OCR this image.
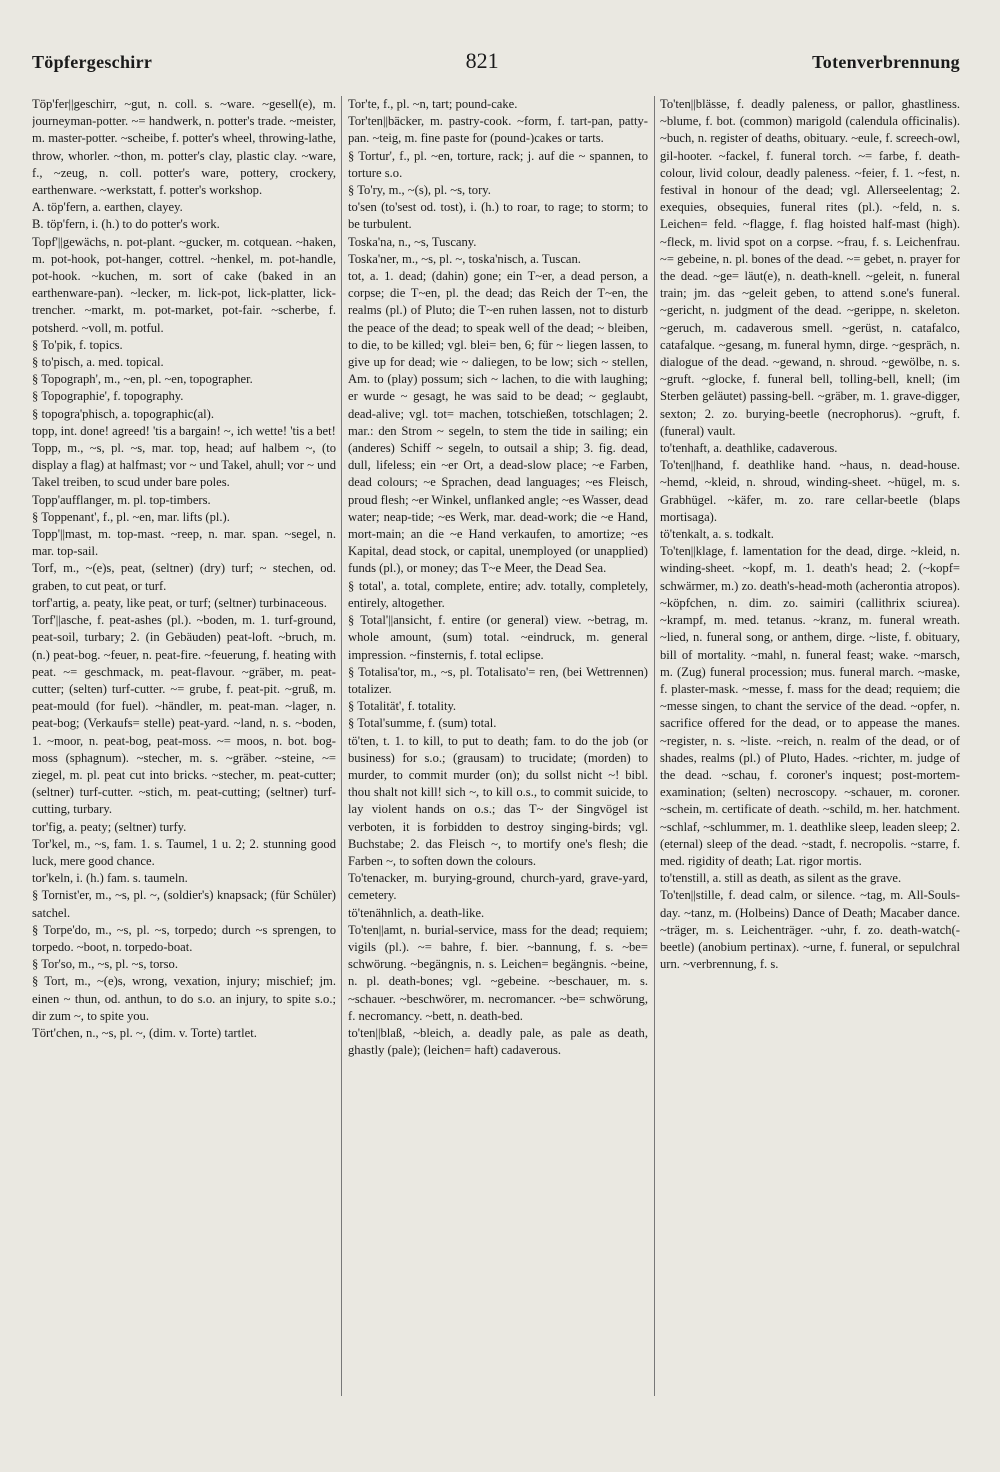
Töpfergeschirr	821	Totenverbrennung

Töp'fer||geschirr, ~gut, n. coll. s. ~ware. ~gesell(e), m. journeyman-potter. ~= handwerk, n. potter's trade. ~meister, m. master-potter. ~scheibe, f. potter's wheel, throwing-lathe, throw, whorler. ~thon, m. potter's clay, plastic clay. ~ware, f., ~zeug, n. coll. potter's ware, pottery, crockery, earthenware. ~werkstatt, f. potter's workshop.

A. töp'fern, a. earthen, clayey.

B. töp'fern, i. (h.) to do potter's work.

Topf'||gewächs, n. pot-plant. ~gucker, m. cotquean. ~haken, m. pot-hook, pot-hanger, cottrel. ~henkel, m. pot-handle, pot-hook. ~kuchen, m. sort of cake (baked in an earthenware-pan). ~lecker, m. lick-pot, lick-platter, lick-trencher. ~markt, m. pot-market, pot-fair. ~scherbe, f. potsherd. ~voll, m. potful.

§ To'pik, f. topics.

§ to'pisch, a. med. topical.

§ Topograph', m., ~en, pl. ~en, topographer.

§ Topographie', f. topography.

§ topogra'phisch, a. topographic(al).

topp, int. done! agreed! 'tis a bargain! ~, ich wette! 'tis a bet!

Topp, m., ~s, pl. ~s, mar. top, head; auf halbem ~, (to display a flag) at halfmast; vor ~ und Takel, ahull; vor ~ und Takel treiben, to scud under bare poles.

Topp'aufflanger, m. pl. top-timbers.

§ Toppenant', f., pl. ~en, mar. lifts (pl.).

Topp'||mast, m. top-mast. ~reep, n. mar. span. ~segel, n. mar. top-sail.

Torf, m., ~(e)s, peat, (seltner) (dry) turf; ~ stechen, od. graben, to cut peat, or turf.

torf'artig, a. peaty, like peat, or turf; (seltner) turbinaceous.

Torf'||asche, f. peat-ashes (pl.). ~boden, m. 1. turf-ground, peat-soil, turbary; 2. (in Gebäuden) peat-loft. ~bruch, m. (n.) peat-bog. ~feuer, n. peat-fire. ~feuerung, f. heating with peat. ~= geschmack, m. peat-flavour. ~gräber, m. peat-cutter; (selten) turf-cutter. ~= grube, f. peat-pit. ~gruß, m. peat-mould (for fuel). ~händler, m. peat-man. ~lager, n. peat-bog; (Verkaufs= stelle) peat-yard. ~land, n. s. ~boden, 1. ~moor, n. peat-bog, peat-moss. ~= moos, n. bot. bog-moss (sphagnum). ~stecher, m. s. ~gräber. ~steine, ~= ziegel, m. pl. peat cut into bricks. ~stecher, m. peat-cutter; (seltner) turf-cutter. ~stich, m. peat-cutting; (seltner) turf-cutting, turbary.

tor'fig, a. peaty; (seltner) turfy.

Tor'kel, m., ~s, fam. 1. s. Taumel, 1 u. 2; 2. stunning good luck, mere good chance.

tor'keln, i. (h.) fam. s. taumeln.

§ Tornist'er, m., ~s, pl. ~, (soldier's) knapsack; (für Schüler) satchel.

§ Torpe'do, m., ~s, pl. ~s, torpedo; durch ~s sprengen, to torpedo. ~boot, n. torpedo-boat.

§ Tor'so, m., ~s, pl. ~s, torso.

§ Tort, m., ~(e)s, wrong, vexation, injury; mischief; jm. einen ~ thun, od. anthun, to do s.o. an injury, to spite s.o.; dir zum ~, to spite you.

Tört'chen, n., ~s, pl. ~, (dim. v. Torte) tartlet.

Tor'te, f., pl. ~n, tart; pound-cake.

Tor'ten||bäcker, m. pastry-cook. ~form, f. tart-pan, patty-pan. ~teig, m. fine paste for (pound-)cakes or tarts.

§ Tortur', f., pl. ~en, torture, rack; j. auf die ~ spannen, to torture s.o.

§ To'ry, m., ~(s), pl. ~s, tory.

to'sen (to'sest od. tost), i. (h.) to roar, to rage; to storm; to be turbulent.

Toska'na, n., ~s, Tuscany.

Toska'ner, m., ~s, pl. ~, toska'nisch, a. Tuscan.

tot, a. 1. dead; (dahin) gone; ein T~er, a dead person, a corpse; die T~en, pl. the dead; das Reich der T~en, the realms (pl.) of Pluto; die T~en ruhen lassen, not to disturb the peace of the dead; to speak well of the dead; ~ bleiben, to die, to be killed; vgl. blei= ben, 6; für ~ liegen lassen, to give up for dead; wie ~ daliegen, to be low; sich ~ stellen, Am. to (play) possum; sich ~ lachen, to die with laughing; er wurde ~ gesagt, he was said to be dead; ~ geglaubt, dead-alive; vgl. tot= machen, totschießen, totschlagen; 2. mar.: den Strom ~ segeln, to stem the tide in sailing; ein (anderes) Schiff ~ segeln, to outsail a ship; 3. fig. dead, dull, lifeless; ein ~er Ort, a dead-slow place; ~e Farben, dead colours; ~e Sprachen, dead languages; ~es Fleisch, proud flesh; ~er Winkel, unflanked angle; ~es Wasser, dead water; neap-tide; ~es Werk, mar. dead-work; die ~e Hand, mort-main; an die ~e Hand verkaufen, to amortize; ~es Kapital, dead stock, or capital, unemployed (or unapplied) funds (pl.), or money; das T~e Meer, the Dead Sea.

§ total', a. total, complete, entire; adv. totally, completely, entirely, altogether.

§ Total'||ansicht, f. entire (or general) view. ~betrag, m. whole amount, (sum) total. ~eindruck, m. general impression. ~finsternis, f. total eclipse.

§ Totalisa'tor, m., ~s, pl. Totalisato'= ren, (bei Wettrennen) totalizer.

§ Totalität', f. totality.

§ Total'summe, f. (sum) total.

tö'ten, t. 1. to kill, to put to death; fam. to do the job (or business) for s.o.; (grausam) to trucidate; (morden) to murder, to commit murder (on); du sollst nicht ~! bibl. thou shalt not kill! sich ~, to kill o.s., to commit suicide, to lay violent hands on o.s.; das T~ der Singvögel ist verboten, it is forbidden to destroy singing-birds; vgl. Buchstabe; 2. das Fleisch ~, to mortify one's flesh; die Farben ~, to soften down the colours.

To'tenacker, m. burying-ground, church-yard, grave-yard, cemetery.

tö'tenähnlich, a. death-like.

To'ten||amt, n. burial-service, mass for the dead; requiem; vigils (pl.). ~= bahre, f. bier. ~bannung, f. s. ~be= schwörung. ~begängnis, n. s. Leichen= begängnis. ~beine, n. pl. death-bones; vgl. ~gebeine. ~beschauer, m. s. ~schauer. ~beschwörer, m. necromancer. ~be= schwörung, f. necromancy. ~bett, n. death-bed.

to'ten||blaß, ~bleich, a. deadly pale, as pale as death, ghastly (pale); (leichen= haft) cadaverous.

To'ten||blässe, f. deadly paleness, or pallor, ghastliness. ~blume, f. bot. (common) marigold (calendula officinalis). ~buch, n. register of deaths, obituary. ~eule, f. screech-owl, gil-hooter. ~fackel, f. funeral torch. ~= farbe, f. death-colour, livid colour, deadly paleness. ~feier, f. 1. ~fest, n. festival in honour of the dead; vgl. Allerseelentag; 2. exequies, obsequies, funeral rites (pl.). ~feld, n. s. Leichen= feld. ~flagge, f. flag hoisted half-mast (high). ~fleck, m. livid spot on a corpse. ~frau, f. s. Leichenfrau. ~= gebeine, n. pl. bones of the dead. ~= gebet, n. prayer for the dead. ~ge= läut(e), n. death-knell. ~geleit, n. funeral train; jm. das ~geleit geben, to attend s.one's funeral. ~gericht, n. judgment of the dead. ~gerippe, n. skeleton. ~geruch, m. cadaverous smell. ~gerüst, n. catafalco, catafalque. ~gesang, m. funeral hymn, dirge. ~gespräch, n. dialogue of the dead. ~gewand, n. shroud. ~gewölbe, n. s. ~gruft. ~glocke, f. funeral bell, tolling-bell, knell; (im Sterben geläutet) passing-bell. ~gräber, m. 1. grave-digger, sexton; 2. zo. burying-beetle (necrophorus). ~gruft, f. (funeral) vault.

to'tenhaft, a. deathlike, cadaverous.

To'ten||hand, f. deathlike hand. ~haus, n. dead-house. ~hemd, ~kleid, n. shroud, winding-sheet. ~hügel, m. s. Grabhügel. ~käfer, m. zo. rare cellar-beetle (blaps mortisaga).

tö'tenkalt, a. s. todkalt.

To'ten||klage, f. lamentation for the dead, dirge. ~kleid, n. winding-sheet. ~kopf, m. 1. death's head; 2. (~kopf= schwärmer, m.) zo. death's-head-moth (acherontia atropos). ~köpfchen, n. dim. zo. saimiri (callithrix sciurea). ~krampf, m. med. tetanus. ~kranz, m. funeral wreath. ~lied, n. funeral song, or anthem, dirge. ~liste, f. obituary, bill of mortality. ~mahl, n. funeral feast; wake. ~marsch, m. (Zug) funeral procession; mus. funeral march. ~maske, f. plaster-mask. ~messe, f. mass for the dead; requiem; die ~messe singen, to chant the service of the dead. ~opfer, n. sacrifice offered for the dead, or to appease the manes. ~register, n. s. ~liste. ~reich, n. realm of the dead, or of shades, realms (pl.) of Pluto, Hades. ~richter, m. judge of the dead. ~schau, f. coroner's inquest; post-mortem-examination; (selten) necroscopy. ~schauer, m. coroner. ~schein, m. certificate of death. ~schild, m. her. hatchment. ~schlaf, ~schlummer, m. 1. deathlike sleep, leaden sleep; 2. (eternal) sleep of the dead. ~stadt, f. necropolis. ~starre, f. med. rigidity of death; Lat. rigor mortis.

to'tenstill, a. still as death, as silent as the grave.

To'ten||stille, f. dead calm, or silence. ~tag, m. All-Souls-day. ~tanz, m. (Holbeins) Dance of Death; Macaber dance. ~träger, m. s. Leichenträger. ~uhr, f. zo. death-watch(-beetle) (anobium pertinax). ~urne, f. funeral, or sepulchral urn. ~verbrennung, f. s.
